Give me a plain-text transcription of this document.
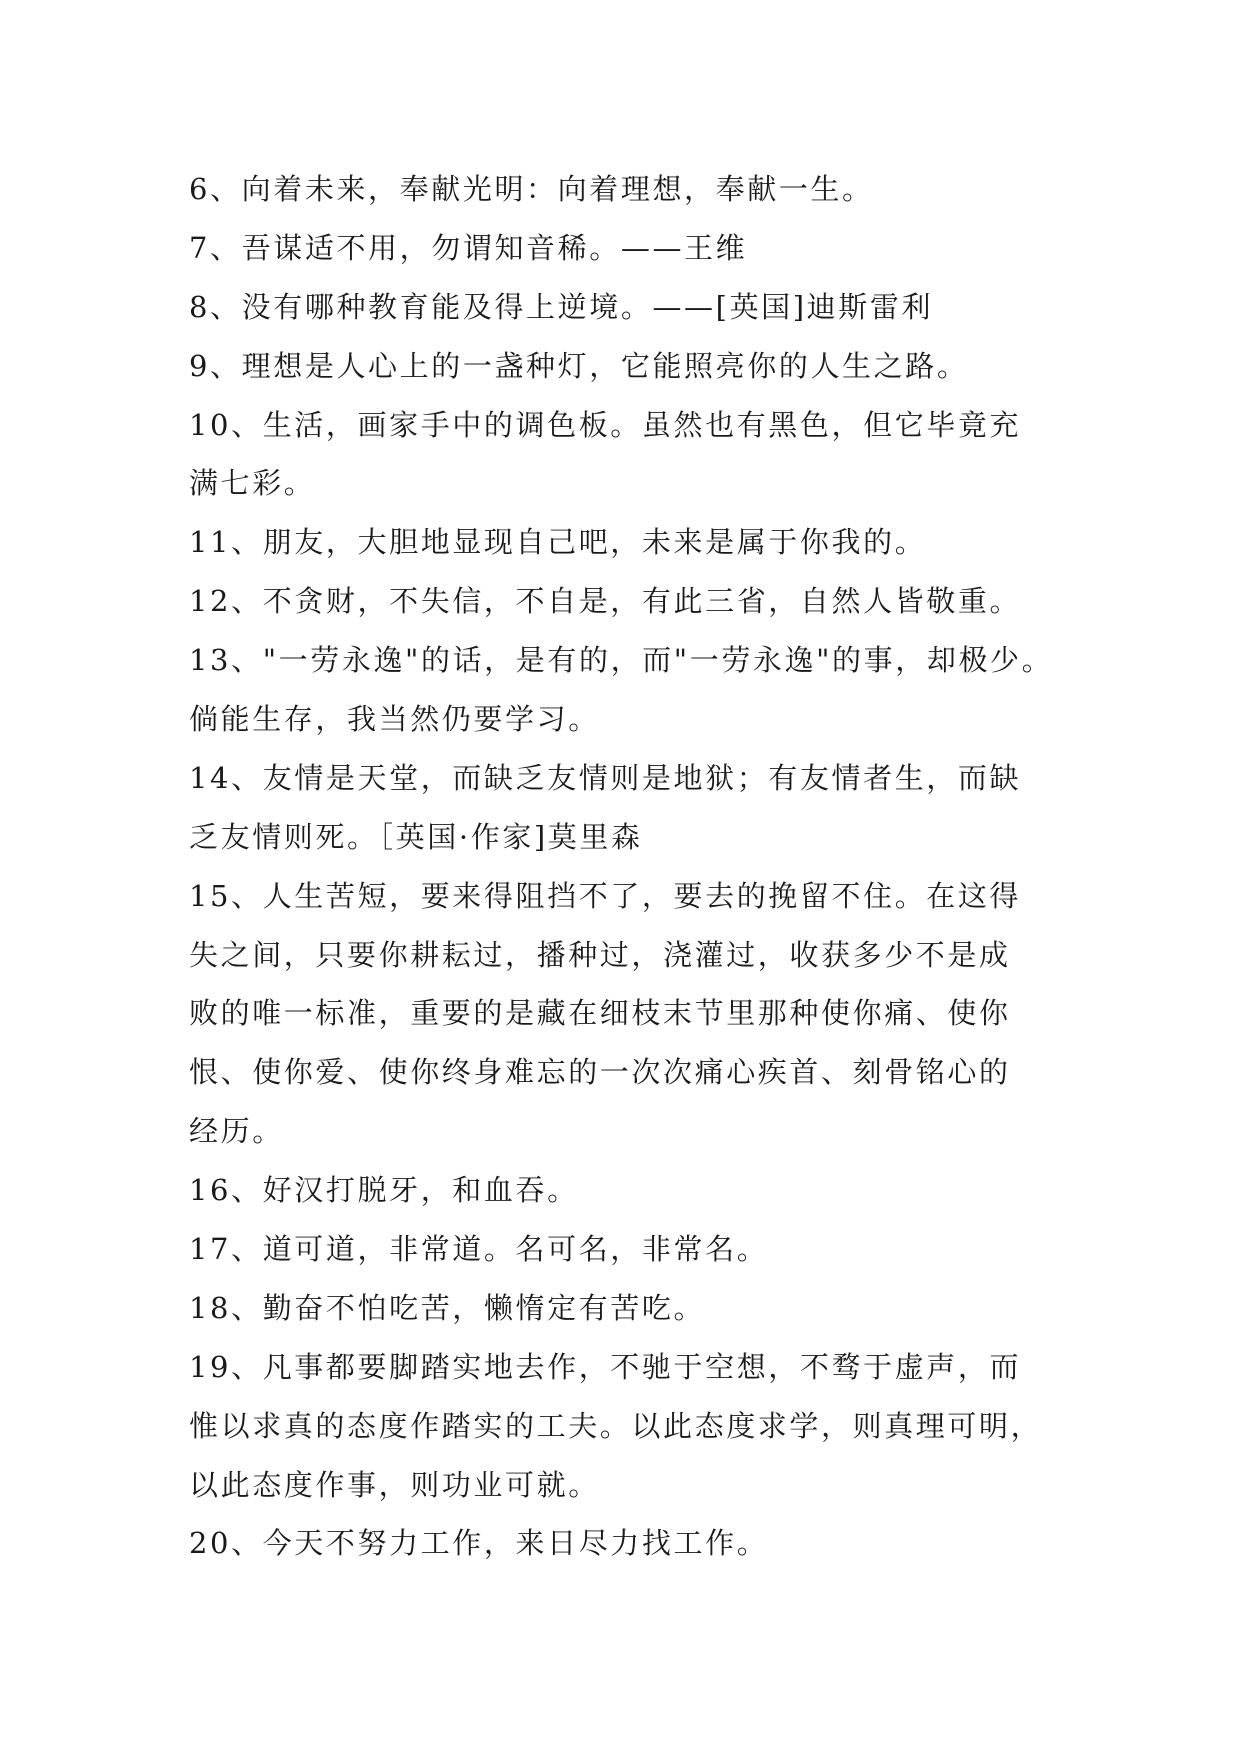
6、向着未来，奉献光明：向着理想，奉献一生。
7、吾谋适不用，勿谓知音稀。——王维
8、没有哪种教育能及得上逆境。——[英国]迪斯雷利
9、理想是人心上的一盏种灯，它能照亮你的人生之路。
10、生活，画家手中的调色板。虽然也有黑色，但它毕竟充
满七彩。
11、朋友，大胆地显现自己吧，未来是属于你我的。
12、不贪财，不失信，不自是，有此三省，自然人皆敬重。
13、"一劳永逸"的话，是有的，而"一劳永逸"的事，却极少。
倘能生存，我当然仍要学习。
14、友情是天堂，而缺乏友情则是地狱；有友情者生，而缺
乏友情则死。［英国·作家]莫里森
15、人生苦短，要来得阻挡不了，要去的挽留不住。在这得
失之间，只要你耕耘过，播种过，浇灌过，收获多少不是成
败的唯一标准，重要的是藏在细枝末节里那种使你痛、使你
恨、使你爱、使你终身难忘的一次次痛心疾首、刻骨铭心的
经历。
16、好汉打脱牙，和血吞。
17、道可道，非常道。名可名，非常名。
18、勤奋不怕吃苦，懒惰定有苦吃。
19、凡事都要脚踏实地去作，不驰于空想，不骛于虚声，而
惟以求真的态度作踏实的工夫。以此态度求学，则真理可明，
以此态度作事，则功业可就。
20、今天不努力工作，来日尽力找工作。
